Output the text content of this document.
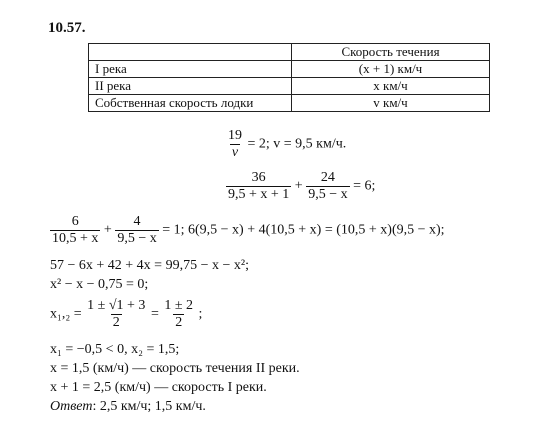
10.57.
	Скорость течения
I река	(x + 1) км/ч
II река	x км/ч
Собственная скорость лодки	v км/ч
$\frac{19}{v} = 2$; v = 9,5 км/ч.
$\frac{36}{9,5 + x + 1} + \frac{24}{9,5 - x} = 6$;
$\frac{6}{10,5 + x} + \frac{4}{9,5 - x} = 1$; 6(9,5 − x) + 4(10,5 + x) = (10,5 + x)(9,5 − x);
57 − 6x + 42 + 4x = 99,75 − x − x²;
x² − x − 0,75 = 0;
$x_1,_2 = \frac{1 \pm √1 + 3}{2} = \frac{1 \pm 2}{2}$ ;
x₁ = −0,5 < 0, x₂ = 1,5;
x = 1,5 (км/ч) — скорость течения II реки.
x + 1 = 2,5 (км/ч) — скорость I реки.
Ответ: 2,5 км/ч; 1,5 км/ч.
